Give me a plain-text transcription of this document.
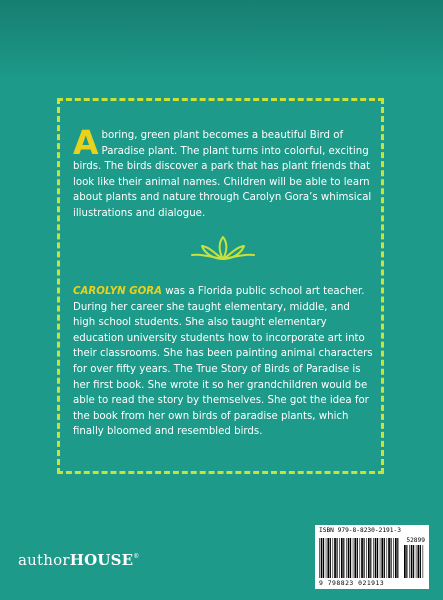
Aboring, green plant becomes a beautiful Bird of Paradise plant. The plant turns into colorful, exciting birds. The birds discover a park that has plant friends that look like their animal names. Children will be able to learn about plants and nature through Carolyn Gora’s whimsical illustrations and dialogue.

CAROLYN GORA was a Florida public school art teacher. During her career she taught elementary, middle, and high school students. She also taught elementary education university students how to incorporate art into their classrooms. She has been painting animal characters for over fifty years. The True Story of Birds of Paradise is her first book. She wrote it so her grandchildren would be able to read the story by themselves. She got the idea for the book from her own birds of paradise plants, which finally bloomed and resembled birds.

authorHOUSE®
ISBN 979-8-8230-2191-3
52899
9 798823 021913
